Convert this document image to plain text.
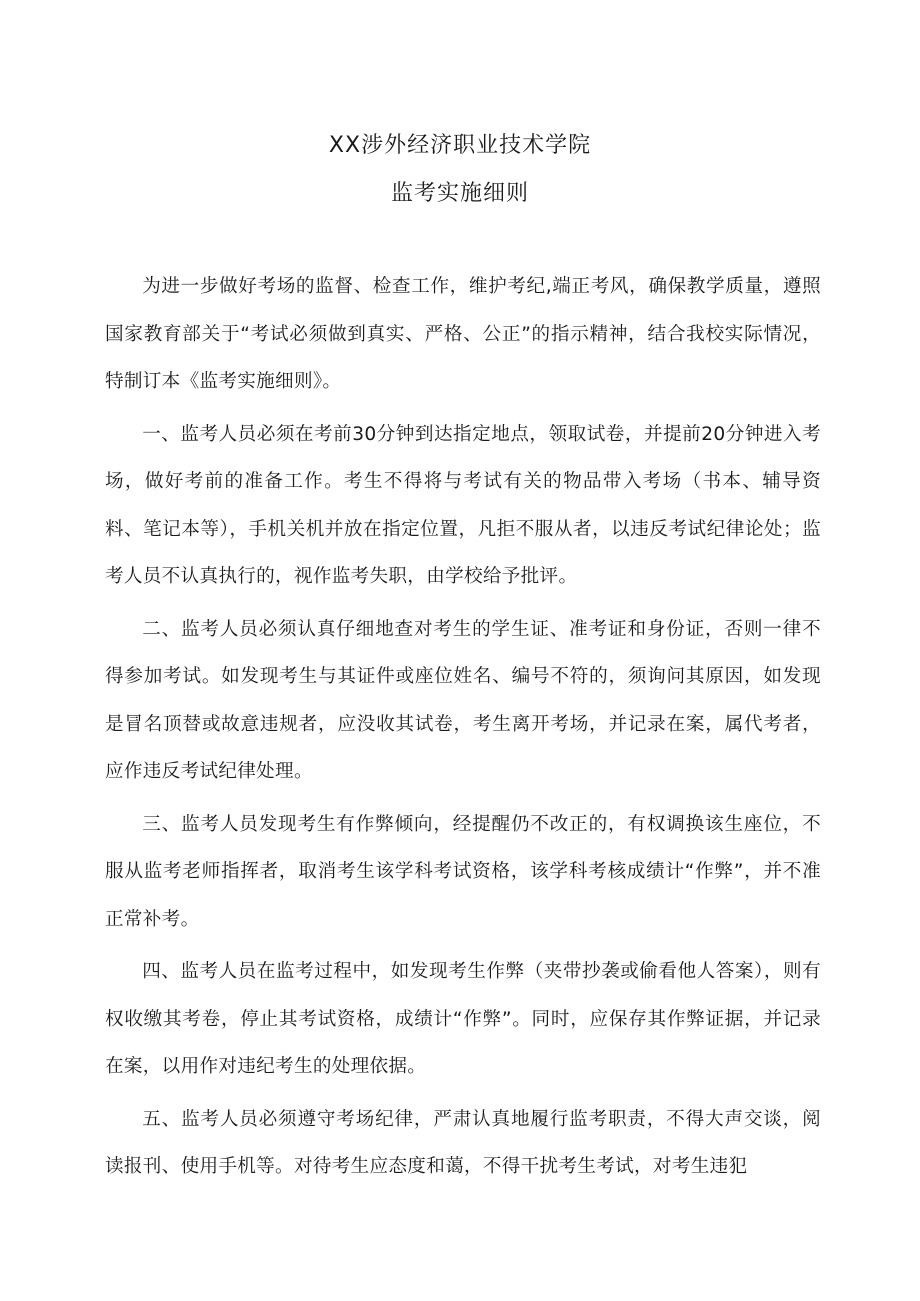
XX涉外经济职业技术学院
监考实施细则

为进一步做好考场的监督、检查工作，维护考纪,端正考风，确保教学质量，遵照国家教育部关于“考试必须做到真实、严格、公正”的指示精神，结合我校实际情况，特制订本《监考实施细则》。

一、监考人员必须在考前30分钟到达指定地点，领取试卷，并提前20分钟进入考场，做好考前的准备工作。考生不得将与考试有关的物品带入考场（书本、辅导资料、笔记本等），手机关机并放在指定位置，凡拒不服从者，以违反考试纪律论处；监考人员不认真执行的，视作监考失职，由学校给予批评。

二、监考人员必须认真仔细地查对考生的学生证、准考证和身份证，否则一律不得参加考试。如发现考生与其证件或座位姓名、编号不符的，须询问其原因，如发现是冒名顶替或故意违规者，应没收其试卷，考生离开考场，并记录在案，属代考者，应作违反考试纪律处理。

三、监考人员发现考生有作弊倾向，经提醒仍不改正的，有权调换该生座位，不服从监考老师指挥者，取消考生该学科考试资格，该学科考核成绩计“作弊”，并不准正常补考。

四、监考人员在监考过程中，如发现考生作弊（夹带抄袭或偷看他人答案），则有权收缴其考卷，停止其考试资格，成绩计“作弊”。同时，应保存其作弊证据，并记录在案，以用作对违纪考生的处理依据。

五、监考人员必须遵守考场纪律，严肃认真地履行监考职责，不得大声交谈，阅读报刊、使用手机等。对待考生应态度和蔼，不得干扰考生考试，对考生违犯
